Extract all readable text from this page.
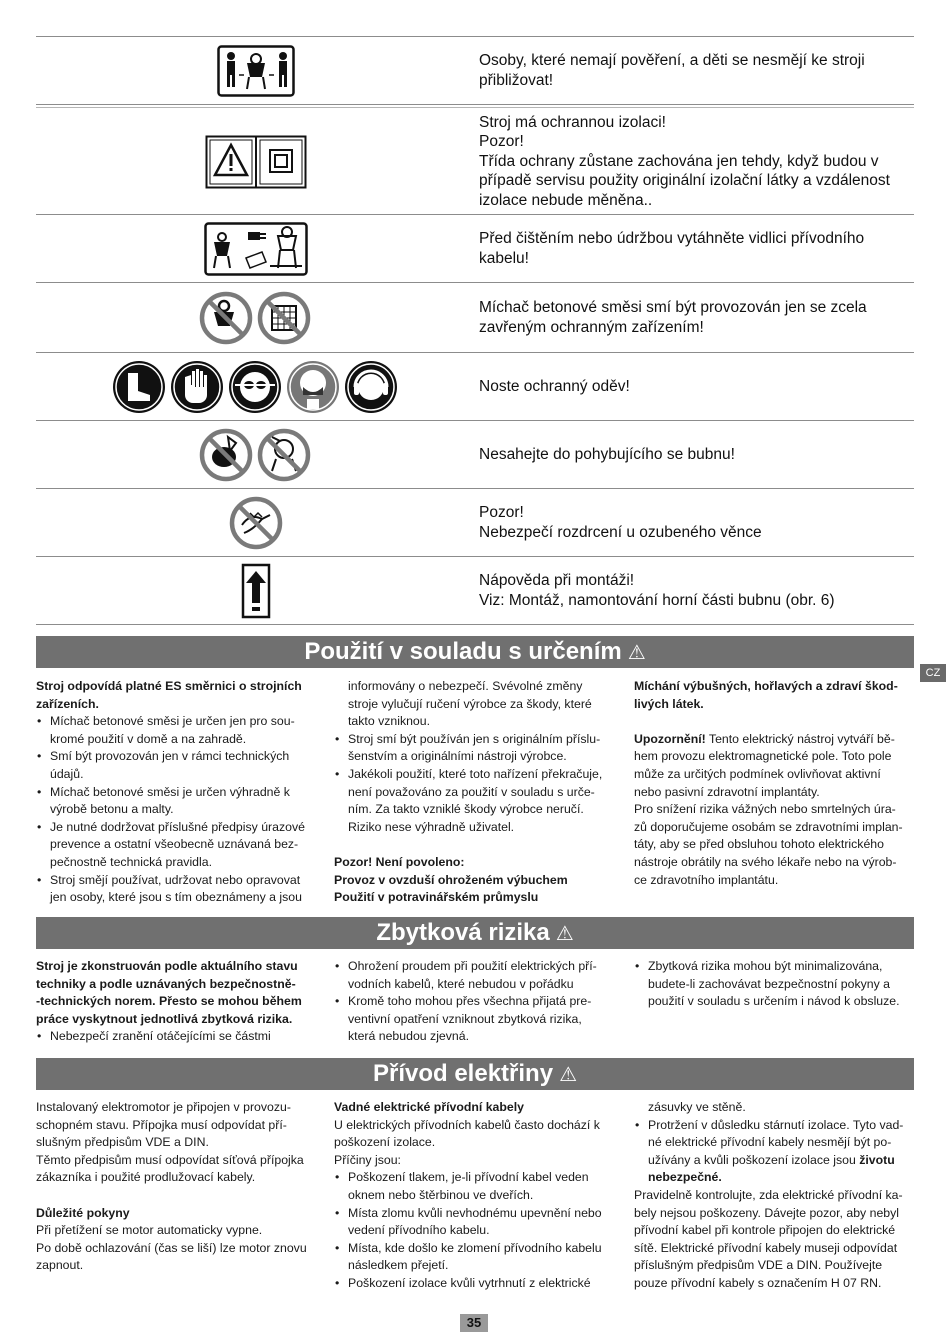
Osoby, které nemají pověření, a děti se nesmějí ke stroji
přibližovat!
Stroj má ochrannou izolaci!
Pozor!
Třída ochrany zůstane zachována jen tehdy, když budou v
případě servisu použity originální izolační látky a vzdálenost
izolace nebude měněna..
Před čištěním nebo údržbou vytáhněte vidlici přívodního
kabelu!
Míchač betonové směsi smí být provozován jen se zcela
zavřeným ochranným zařízením!
Noste ochranný oděv!
Nesahejte do pohybujícího se bubnu!
Pozor!
Nebezpečí rozdrcení u ozubeného věnce
Nápověda při montáži!
Viz: Montáž, namontování horní části bubnu (obr. 6)
Použití v souladu s určením ⚠
CZ

Stroj odpovídá platné ES směrnici o strojních

zařízeních.

• Míchač betonové směsi je určen jen pro sou-
kromé použití v domě a na zahradě.
• Smí být provozován jen v rámci technických
údajů.
• Míchač betonové směsi je určen výhradně k
výrobě betonu a malty.
• Je nutné dodržovat příslušné předpisy úrazové
prevence a ostatní všeobecně uznávaná bez-
pečnostně technická pravidla.
• Stroj smějí používat, udržovat nebo opravovat
jen osoby, které jsou s tím obeznámeny a jsou

informovány o nebezpečí. Svévolné změny

stroje vylučují ručení výrobce za škody, které

takto vzniknou.

• Stroj smí být používán jen s originálním příslu-
šenstvím a originálními nástroji výrobce.
• Jakékoli použití, které toto nařízení překračuje,
není považováno za použití v souladu s urče-
ním. Za takto vzniklé škody výrobce neručí.
Riziko nese výhradně uživatel.

Pozor! Není povoleno:

Provoz v ovzduší ohroženém výbuchem

Použití v potravinářském průmyslu

Míchání výbušných, hořlavých a zdraví škod-

livých látek.

Upozornění! Tento elektrický nástroj vytváří bě-

hem provozu elektromagnetické pole. Toto pole

může za určitých podmínek ovlivňovat aktivní

nebo pasivní zdravotní implantáty.

Pro snížení rizika vážných nebo smrtelných úra-

zů doporučujeme osobám se zdravotními implan-

táty, aby se před obsluhou tohoto elektrického

nástroje obrátily na svého lékaře nebo na výrob-

ce zdravotního implantátu.

Zbytková rizika ⚠

Stroj je zkonstruován podle aktuálního stavu

techniky a podle uznávaných bezpečnostně-

-technických norem. Přesto se mohou během

práce vyskytnout jednotlivá zbytková rizika.

• Nebezpečí zranění otáčejícími se částmi
• Ohrožení proudem při použití elektrických pří-
vodních kabelů, které nebudou v pořádku
• Kromě toho mohou přes všechna přijatá pre-
ventivní opatření vzniknout zbytková rizika,
která nebudou zjevná.
• Zbytková rizika mohou být minimalizována,
budete-li zachovávat bezpečnostní pokyny a
použití v souladu s určením i návod k obsluze.
Přívod elektřiny ⚠

Instalovaný elektromotor je připojen v provozu-

schopném stavu. Přípojka musí odpovídat pří-

slušným předpisům VDE a DIN.

Těmto předpisům musí odpovídat síťová přípojka

zákazníka i použité prodlužovací kabely.

Důležité pokyny

Při přetížení se motor automaticky vypne.

Po době ochlazování (čas se liší) lze motor znovu

zapnout.

Vadné elektrické přívodní kabely

U elektrických přívodních kabelů často dochází k

poškození izolace.

Příčiny jsou:

• Poškození tlakem, je-li přívodní kabel veden
oknem nebo štěrbinou ve dveřích.
• Místa zlomu kvůli nevhodnému upevnění nebo
vedení přívodního kabelu.
• Místa, kde došlo ke zlomení přívodního kabelu
následkem přejetí.
• Poškození izolace kvůli vytrhnutí z elektrické

zásuvky ve stěně.

• Protržení v důsledku stárnutí izolace. Tyto vad-
né elektrické přívodní kabely nesmějí být po-
užívány a kvůli poškození izolace jsou životu
nebezpečné.

Pravidelně kontrolujte, zda elektrické přívodní ka-

bely nejsou poškozeny. Dávejte pozor, aby nebyl

přívodní kabel při kontrole připojen do elektrické

sítě. Elektrické přívodní kabely museji odpovídat

příslušným předpisům VDE a DIN. Používejte

pouze přívodní kabely s označením H 07 RN.

35
